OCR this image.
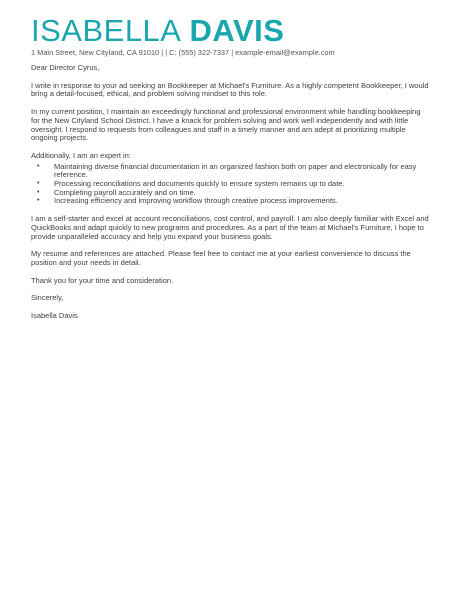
ISABELLA DAVIS
1 Main Street, New Cityland, CA 91010 | | C: (555) 322-7337 | example-email@example.com

Dear Director Cyrus,

I write in response to your ad seeking an Bookkeeper at Michael's Furniture. As a highly competent Bookkeeper, I would bring a detail-focused, ethical, and problem solving mindset to this role.

In my current position, I maintain an exceedingly functional and professional environment while handling bookkeeping for the New Cityland School District. I have a knack for problem solving and work well independently and with little oversight. I respond to requests from colleagues and staff in a timely manner and am adept at prioritizing multiple ongoing projects.

Additionally, I am an expert in:

• Maintaining diverse financial documentation in an organized fashion both on paper and electronically for easy reference.
• Processing reconciliations and documents quickly to ensure system remains up to date.
• Completing payroll accurately and on time.
• Increasing efficiency and improving workflow through creative process improvements.

I am a self-starter and excel at account reconciliations, cost control, and payroll. I am also deeply familiar with Excel and QuickBooks and adapt quickly to new programs and procedures. As a part of the team at Michael's Furniture, I hope to provide unparalleled accuracy and help you expand your business goals.

My resume and references are attached. Please feel free to contact me at your earliest convenience to discuss the position and your needs in detail.

Thank you for your time and consideration.

Sincerely,

Isabella Davis
